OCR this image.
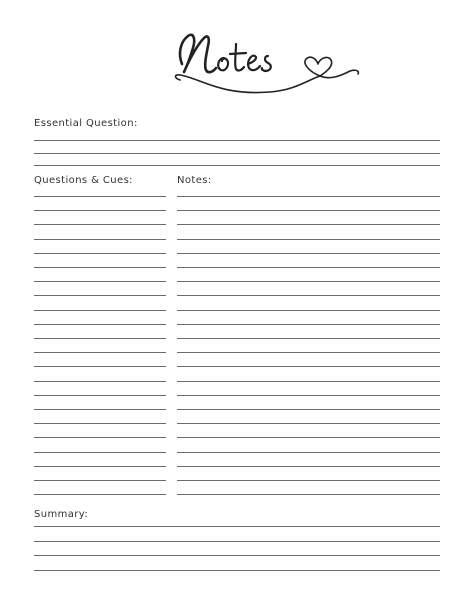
Essential Question:
Questions & Cues:	Notes:
Summary:
